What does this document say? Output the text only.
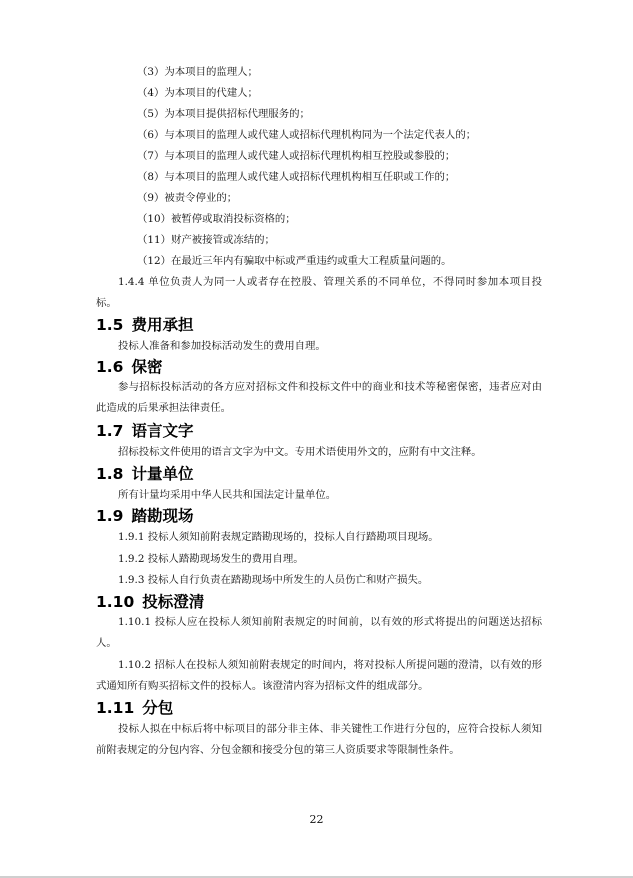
（3）为本项目的监理人；
（4）为本项目的代建人；
（5）为本项目提供招标代理服务的；
（6）与本项目的监理人或代建人或招标代理机构同为一个法定代表人的；
（7）与本项目的监理人或代建人或招标代理机构相互控股或参股的；
（8）与本项目的监理人或代建人或招标代理机构相互任职或工作的；
（9）被责令停业的；
（10）被暂停或取消投标资格的；
（11）财产被接管或冻结的；
（12）在最近三年内有骗取中标或严重违约或重大工程质量问题的。
1.4.4 单位负责人为同一人或者存在控股、管理关系的不同单位，不得同时参加本项目投标。
1.5 费用承担
投标人准备和参加投标活动发生的费用自理。
1.6 保密
参与招标投标活动的各方应对招标文件和投标文件中的商业和技术等秘密保密，违者应对由此造成的后果承担法律责任。
1.7 语言文字
招标投标文件使用的语言文字为中文。专用术语使用外文的，应附有中文注释。
1.8 计量单位
所有计量均采用中华人民共和国法定计量单位。
1.9 踏勘现场
1.9.1 投标人须知前附表规定踏勘现场的，投标人自行踏勘项目现场。
1.9.2 投标人踏勘现场发生的费用自理。
1.9.3 投标人自行负责在踏勘现场中所发生的人员伤亡和财产损失。
1.10 投标澄清
1.10.1 投标人应在投标人须知前附表规定的时间前，以有效的形式将提出的问题送达招标人。
1.10.2 招标人在投标人须知前附表规定的时间内，将对投标人所提问题的澄清，以有效的形式通知所有购买招标文件的投标人。该澄清内容为招标文件的组成部分。
1.11 分包
投标人拟在中标后将中标项目的部分非主体、非关键性工作进行分包的，应符合投标人须知前附表规定的分包内容、分包金额和接受分包的第三人资质要求等限制性条件。
22
